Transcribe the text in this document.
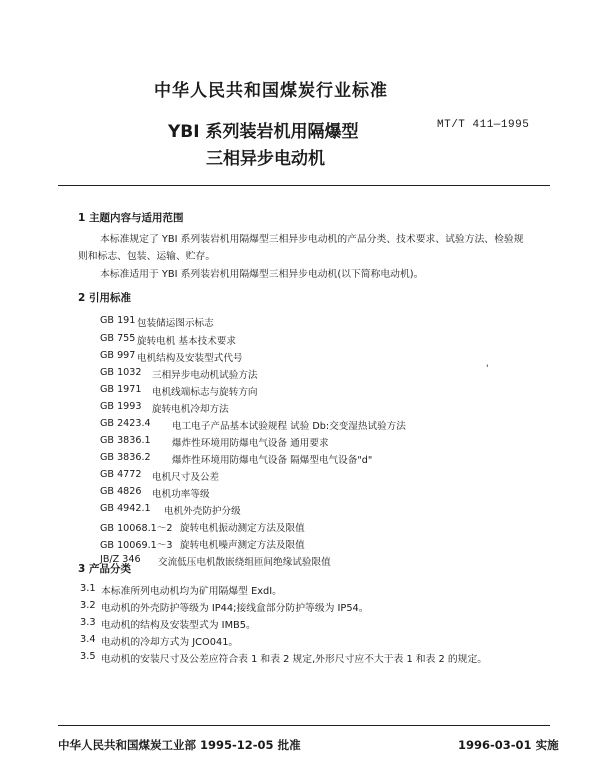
中华人民共和国煤炭行业标准
YBI 系列装岩机用隔爆型
三相异步电动机
MT/T 411—1995
1 主题内容与适用范围
本标准规定了 YBI 系列装岩机用隔爆型三相异步电动机的产品分类、技术要求、试验方法、检验规
则和标志、包装、运输、贮存。
本标准适用于 YBI 系列装岩机用隔爆型三相异步电动机(以下简称电动机)。
2 引用标准
GB 191 包装储运图示标志
GB 755 旋转电机 基本技术要求
GB 997 电机结构及安装型式代号
GB 1032 三相异步电动机试验方法
GB 1971 电机线端标志与旋转方向
GB 1993 旋转电机冷却方法
GB 2423.4 电工电子产品基本试验规程 试验 Db:交变湿热试验方法
GB 3836.1 爆炸性环境用防爆电气设备 通用要求
GB 3836.2 爆炸性环境用防爆电气设备 隔爆型电气设备"d"
GB 4772 电机尺寸及公差
GB 4826 电机功率等级
GB 4942.1 电机外壳防护分级
GB 10068.1～2 旋转电机振动测定方法及限值
GB 10069.1～3 旋转电机噪声测定方法及限值
JB/Z 346 交流低压电机散嵌绕组匝间绝缘试验限值
'
3 产品分类
3.1 本标准所列电动机均为矿用隔爆型 ExdI。
3.2 电动机的外壳防护等级为 IP44;接线盒部分防护等级为 IP54。
3.3 电动机的结构及安装型式为 IMB5。
3.4 电动机的冷却方式为 JCO041。
3.5 电动机的安装尺寸及公差应符合表 1 和表 2 规定,外形尺寸应不大于表 1 和表 2 的规定。
中华人民共和国煤炭工业部 1995-12-05 批准	1996-03-01 实施
